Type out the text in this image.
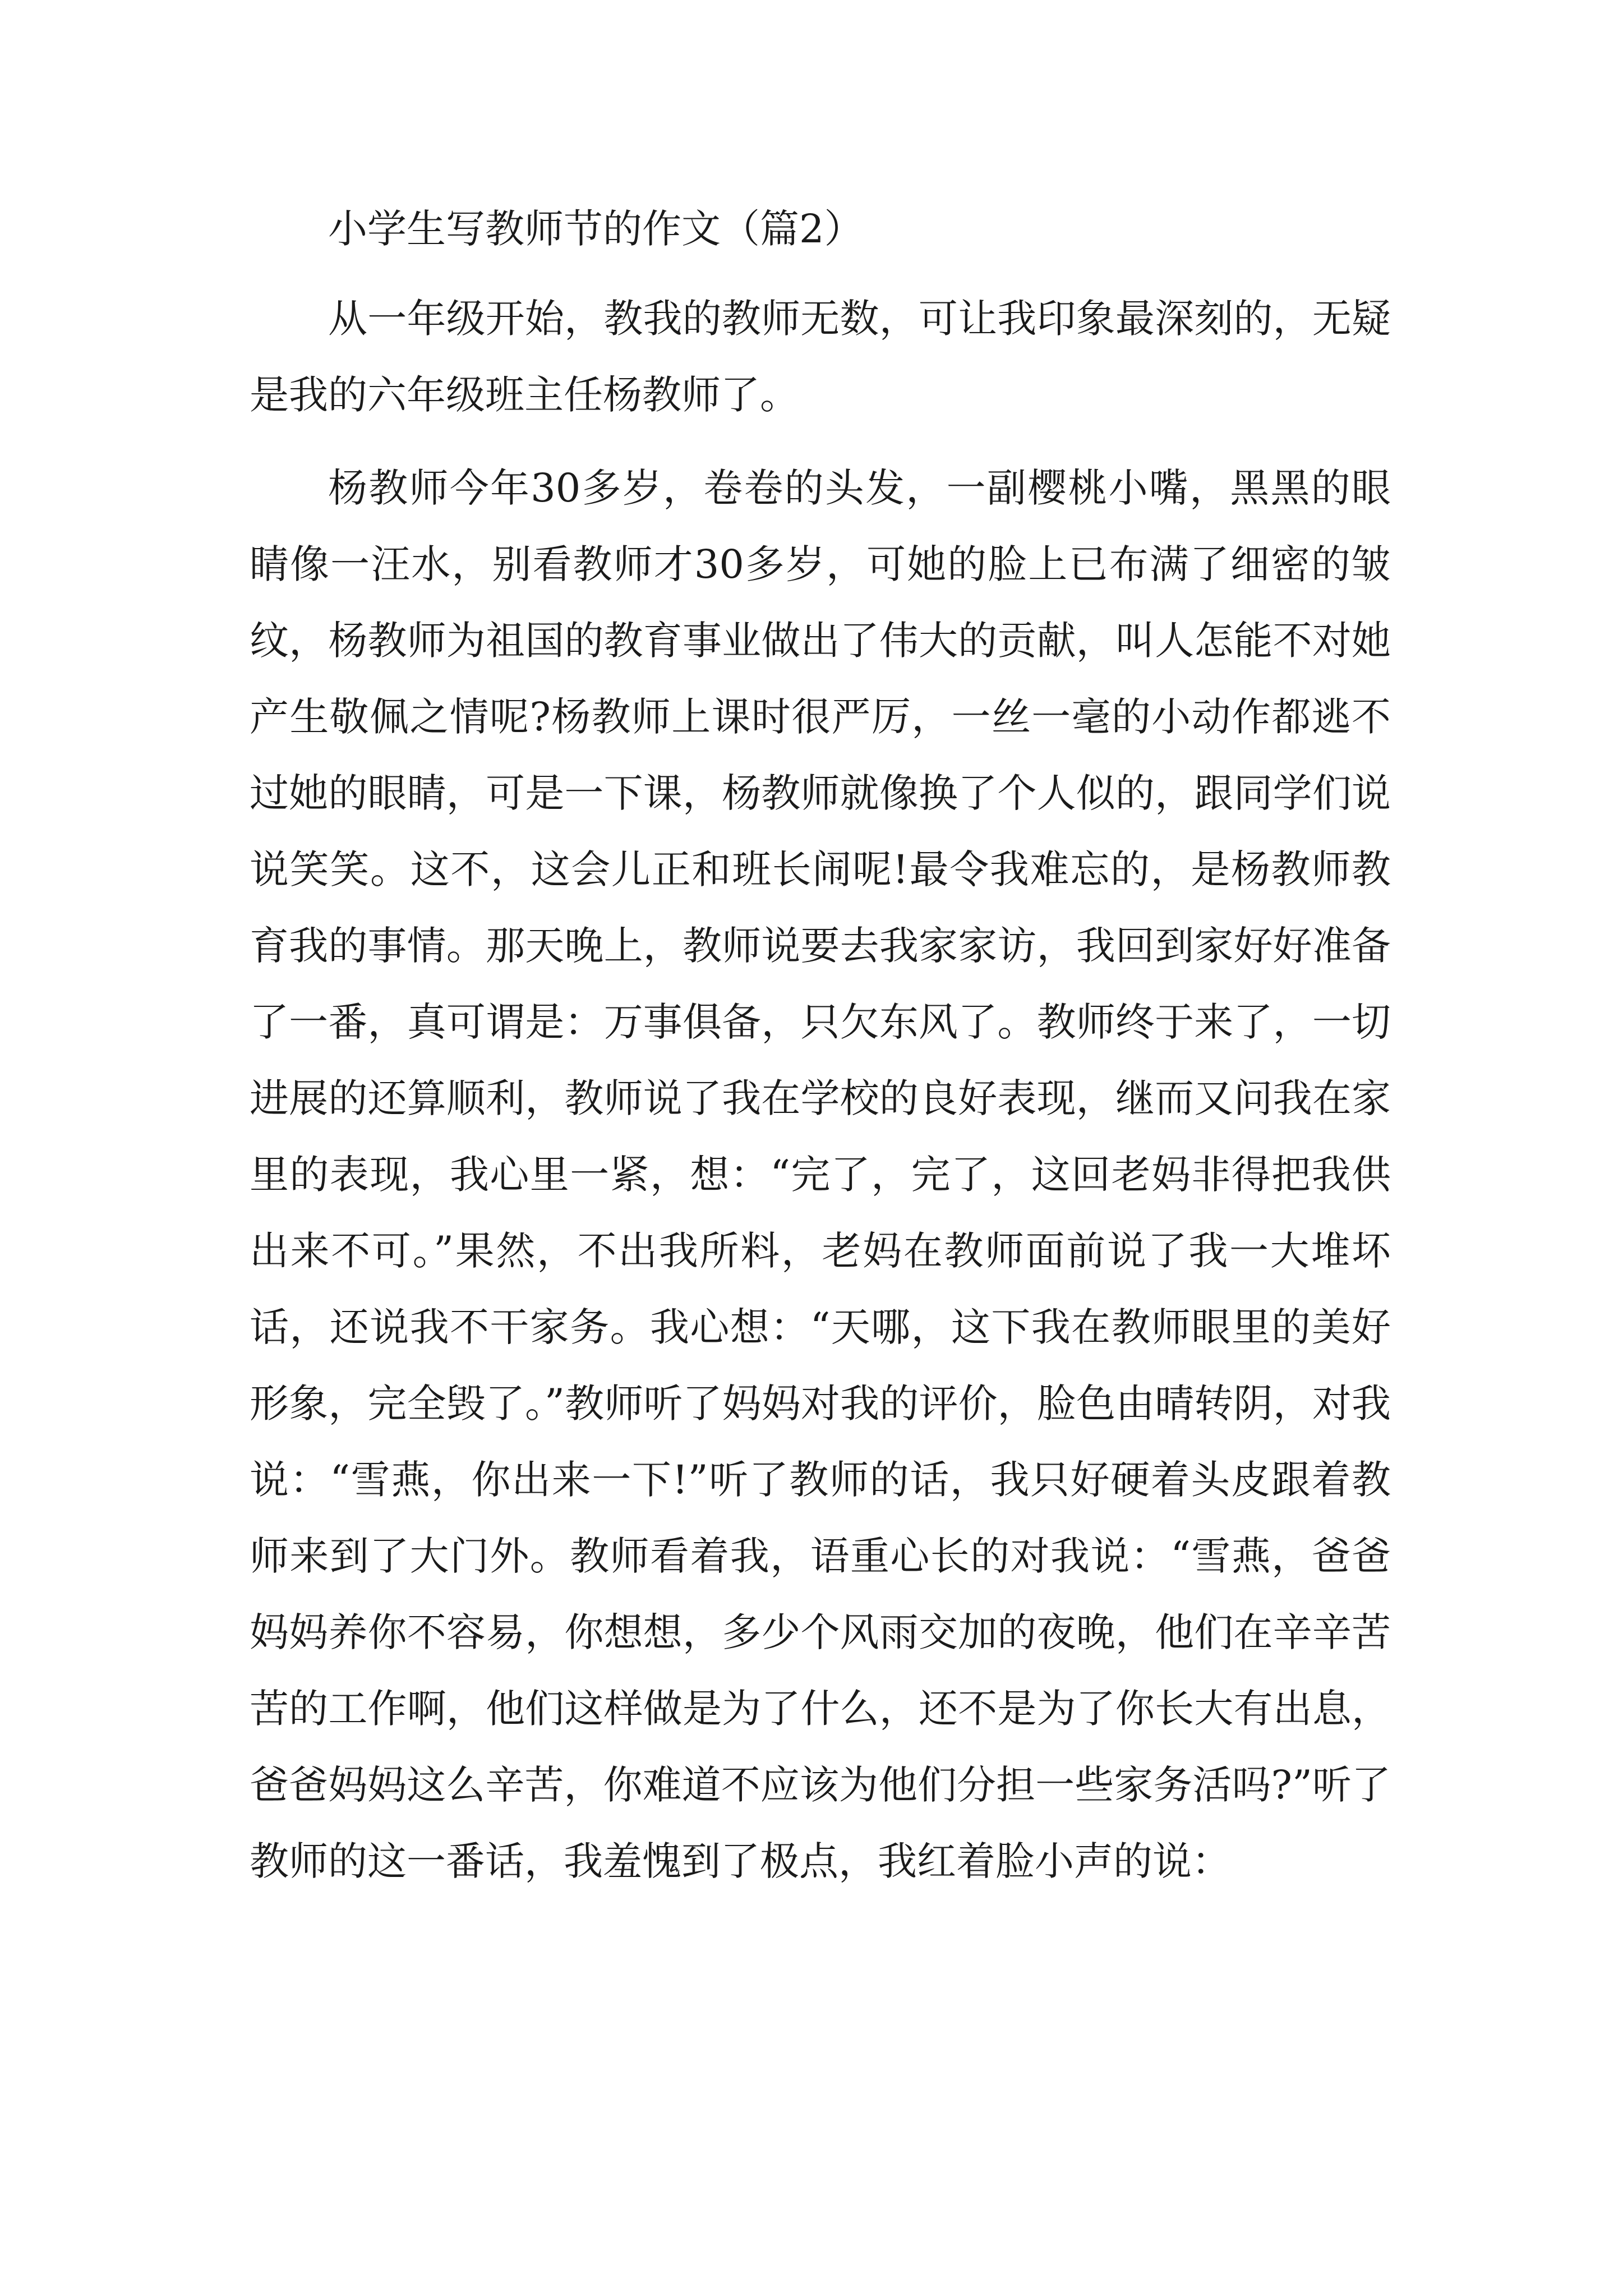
小学生写教师节的作文（篇2）

从一年级开始，教我的教师无数，可让我印象最深刻的，无疑是我的六年级班主任杨教师了。

杨教师今年30多岁，卷卷的头发，一副樱桃小嘴，黑黑的眼睛像一汪水，别看教师才30多岁，可她的脸上已布满了细密的皱纹，杨教师为祖国的教育事业做出了伟大的贡献，叫人怎能不对她产生敬佩之情呢?杨教师上课时很严厉，一丝一毫的小动作都逃不过她的眼睛，可是一下课，杨教师就像换了个人似的，跟同学们说说笑笑。这不，这会儿正和班长闹呢!最令我难忘的，是杨教师教育我的事情。那天晚上，教师说要去我家家访，我回到家好好准备了一番，真可谓是：万事俱备，只欠东风了。教师终于来了，一切进展的还算顺利，教师说了我在学校的良好表现，继而又问我在家里的表现，我心里一紧，想：“完了，完了，这回老妈非得把我供出来不可。”果然，不出我所料，老妈在教师面前说了我一大堆坏话，还说我不干家务。我心想：“天哪，这下我在教师眼里的美好形象，完全毁了。”教师听了妈妈对我的评价，脸色由晴转阴，对我说：“雪燕，你出来一下!”听了教师的话，我只好硬着头皮跟着教师来到了大门外。教师看着我，语重心长的对我说：“雪燕，爸爸妈妈养你不容易，你想想，多少个风雨交加的夜晚，他们在辛辛苦苦的工作啊，他们这样做是为了什么，还不是为了你长大有出息，爸爸妈妈这么辛苦，你难道不应该为他们分担一些家务活吗?”听了教师的这一番话，我羞愧到了极点，我红着脸小声的说：
